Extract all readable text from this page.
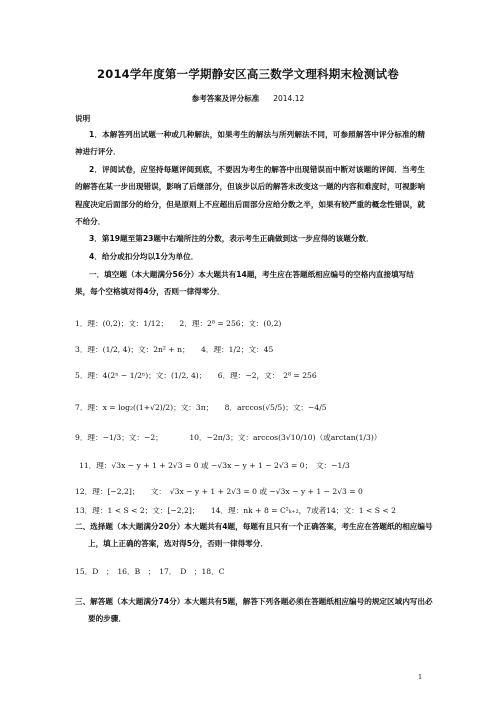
2014学年度第一学期静安区高三数学文理科期末检测试卷
参考答案及评分标准 2014.12
说明
1．本解答列出试题一种或几种解法，如果考生的解法与所列解法不同，可参照解答中评分标准的精神进行评分．
2．评阅试卷，应坚持每题评阅到底，不要因为考生的解答中出现错误而中断对该题的评阅．当考生的解答在某一步出现错误，影响了后继部分，但该步以后的解答未改变这一题的内容和难度时，可视影响程度决定后面部分的给分，但是原则上不应超出后面部分应给分数之半，如果有较严重的概念性错误，就不给分．
3．第19题至第23题中右端所注的分数，表示考生正确做到这一步应得的该题分数．
4．给分或扣分均以1分为单位．
一．填空题（本大题满分56分）本大题共有14题，考生应在答题纸相应编号的空格内直接填写结果，每个空格填对得4分，否则一律得零分．
1．理：(0,2)；文：1/12；　　2．理：2⁸ = 256；文：(0,2)
3．理：(1/2, 4)；文：2n² + n；　　4．理：1/2；文：45
5．理：4(2ⁿ − 1/2ⁿ)；文：(1/2, 4)；　　6．理：−2，文：　2⁸ = 256
7．理：x = log₂((1+√2)/2)；文：3π；　　8．arccos(√5/5)；文：−4/5
9．理：−1/3；文：−2；　　　　10．−2π/3；文：arccos(3√10/10)（或arctan(1/3)）
11．理：√3x − y + 1 + 2√3 = 0 或 −√3x − y + 1 − 2√3 = 0；　文：−1/3
12．理：[−2,2]；　　文：　√3x − y + 1 + 2√3 = 0 或 −√3x − y + 1 − 2√3 = 0
13．理：1 < S < 2；文：[−2,2]；　　14．理：nk + 8 = C²ₖ₊₂，7或者14；文：1 < S < 2
二、选择题（本大题满分20分）本大题共有4题，每题有且只有一个正确答案，考生应在答题纸的相应编号上，填上正确的答案，选对得5分，否则一律得零分．
15．D　；　16．B　；　17．　D　；18．C
三、解答题（本大题满分74分）本大题共有5题，解答下列各题必须在答题纸相应编号的规定区域内写出必要的步骤．
1
